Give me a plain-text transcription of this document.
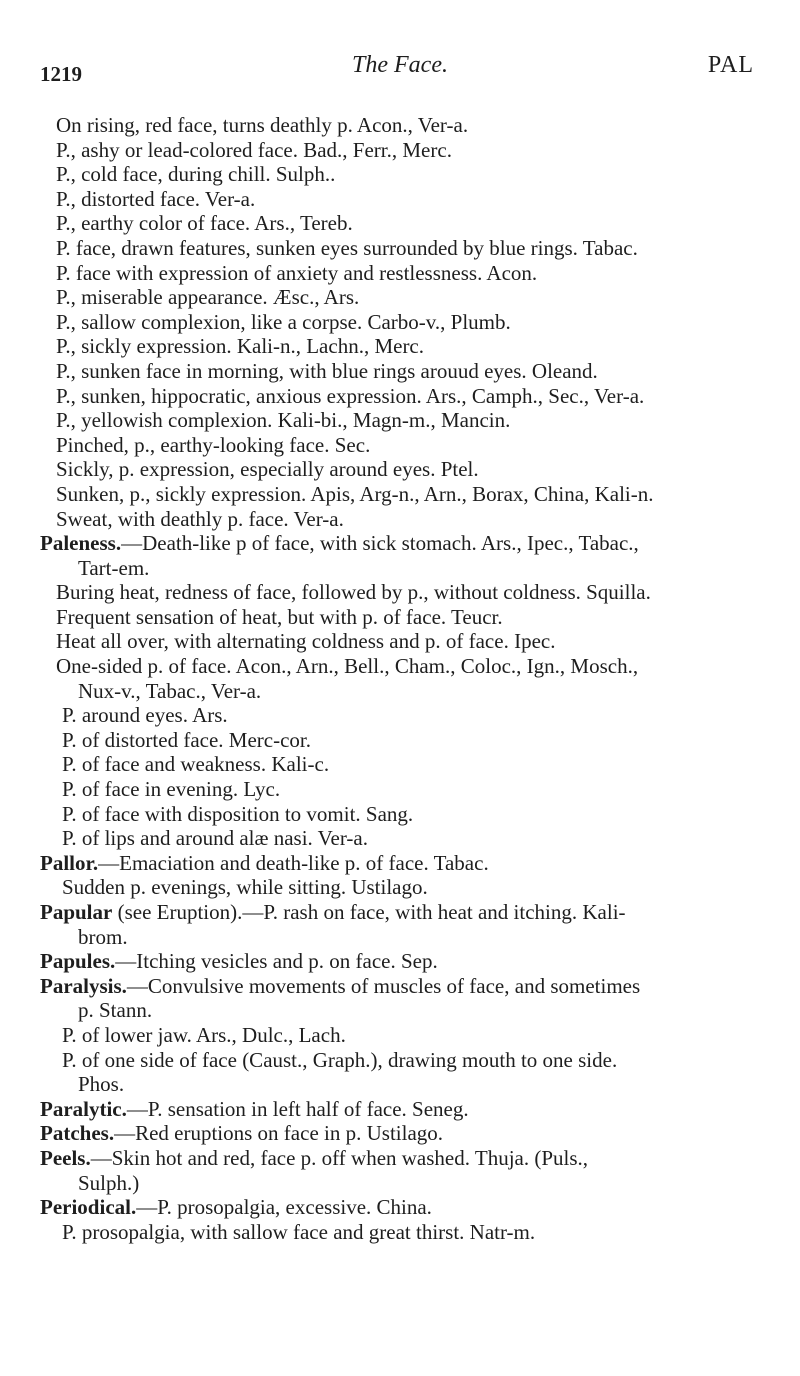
1219	The Face.	PAL
On rising, red face, turns deathly p. Acon., Ver-a.
P., ashy or lead-colored face. Bad., Ferr., Merc.
P., cold face, during chill. Sulph..
P., distorted face. Ver-a.
P., earthy color of face. Ars., Tereb.
P. face, drawn features, sunken eyes surrounded by blue rings. Tabac.
P. face with expression of anxiety and restlessness. Acon.
P., miserable appearance. Æsc., Ars.
P., sallow complexion, like a corpse. Carbo-v., Plumb.
P., sickly expression. Kali-n., Lachn., Merc.
P., sunken face in morning, with blue rings arouud eyes. Oleand.
P., sunken, hippocratic, anxious expression. Ars., Camph., Sec., Ver-a.
P., yellowish complexion. Kali-bi., Magn-m., Mancin.
Pinched, p., earthy-looking face. Sec.
Sickly, p. expression, especially around eyes. Ptel.
Sunken, p., sickly expression. Apis, Arg-n., Arn., Borax, China, Kali-n.
Sweat, with deathly p. face. Ver-a.
Paleness.—Death-like p of face, with sick stomach. Ars., Ipec., Tabac.,
Tart-em.
Buring heat, redness of face, followed by p., without coldness. Squilla.
Frequent sensation of heat, but with p. of face. Teucr.
Heat all over, with alternating coldness and p. of face. Ipec.
One-sided p. of face. Acon., Arn., Bell., Cham., Coloc., Ign., Mosch.,
Nux-v., Tabac., Ver-a.
P. around eyes. Ars.
P. of distorted face. Merc-cor.
P. of face and weakness. Kali-c.
P. of face in evening. Lyc.
P. of face with disposition to vomit. Sang.
P. of lips and around alæ nasi. Ver-a.
Pallor.—Emaciation and death-like p. of face. Tabac.
Sudden p. evenings, while sitting. Ustilago.
Papular (see Eruption).—P. rash on face, with heat and itching. Kali-
brom.
Papules.—Itching vesicles and p. on face. Sep.
Paralysis.—Convulsive movements of muscles of face, and sometimes
p. Stann.
P. of lower jaw. Ars., Dulc., Lach.
P. of one side of face (Caust., Graph.), drawing mouth to one side.
Phos.
Paralytic.—P. sensation in left half of face. Seneg.
Patches.—Red eruptions on face in p. Ustilago.
Peels.—Skin hot and red, face p. off when washed. Thuja. (Puls.,
Sulph.)
Periodical.—P. prosopalgia, excessive. China.
P. prosopalgia, with sallow face and great thirst. Natr-m.
